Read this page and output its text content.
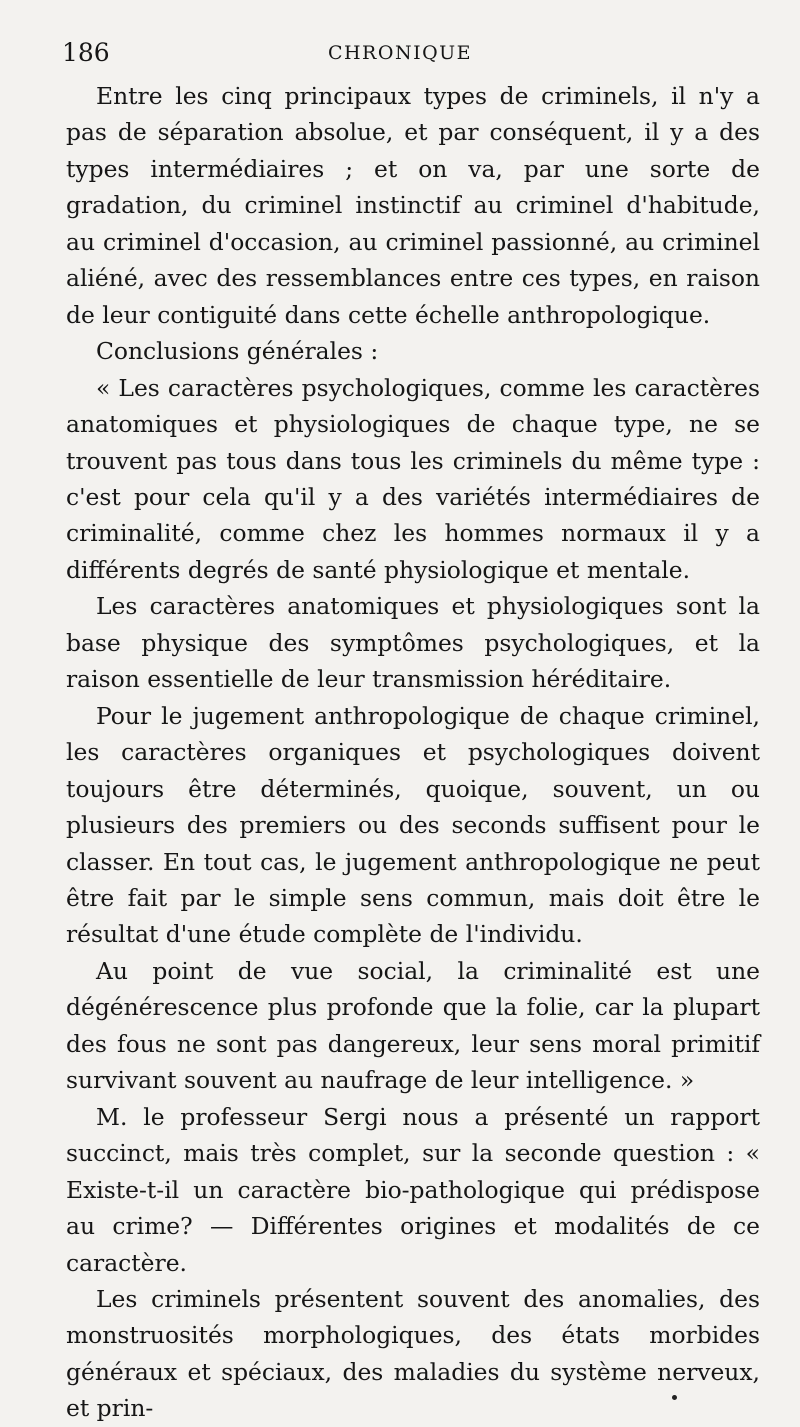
186	CHRONIQUE

Entre les cinq principaux types de criminels, il n'y a pas de séparation absolue, et par conséquent, il y a des types intermédiaires ; et on va, par une sorte de gradation, du criminel instinctif au criminel d'habitude, au criminel d'occasion, au criminel passionné, au criminel aliéné, avec des ressemblances entre ces types, en raison de leur contiguité dans cette échelle anthropologique.

Conclusions générales :

« Les caractères psychologiques, comme les caractères anatomiques et physiologiques de chaque type, ne se trouvent pas tous dans tous les criminels du même type : c'est pour cela qu'il y a des variétés intermédiaires de criminalité, comme chez les hommes normaux il y a différents degrés de santé physiologique et mentale.

Les caractères anatomiques et physiologiques sont la base physique des symptômes psychologiques, et la raison essentielle de leur transmission héréditaire.

Pour le jugement anthropologique de chaque criminel, les caractères organiques et psychologiques doivent toujours être déterminés, quoique, souvent, un ou plusieurs des premiers ou des seconds suffisent pour le classer. En tout cas, le jugement anthropologique ne peut être fait par le simple sens commun, mais doit être le résultat d'une étude complète de l'individu.

Au point de vue social, la criminalité est une dégénérescence plus profonde que la folie, car la plupart des fous ne sont pas dangereux, leur sens moral primitif survivant souvent au naufrage de leur intelligence. »

M. le professeur Sergi nous a présenté un rapport succinct, mais très complet, sur la seconde question : « Existe-t-il un caractère bio-pathologique qui prédispose au crime? — Différentes origines et modalités de ce caractère.

Les criminels présentent souvent des anomalies, des monstruosités morphologiques, des états morbides généraux et spéciaux, des maladies du système nerveux, et prin-
